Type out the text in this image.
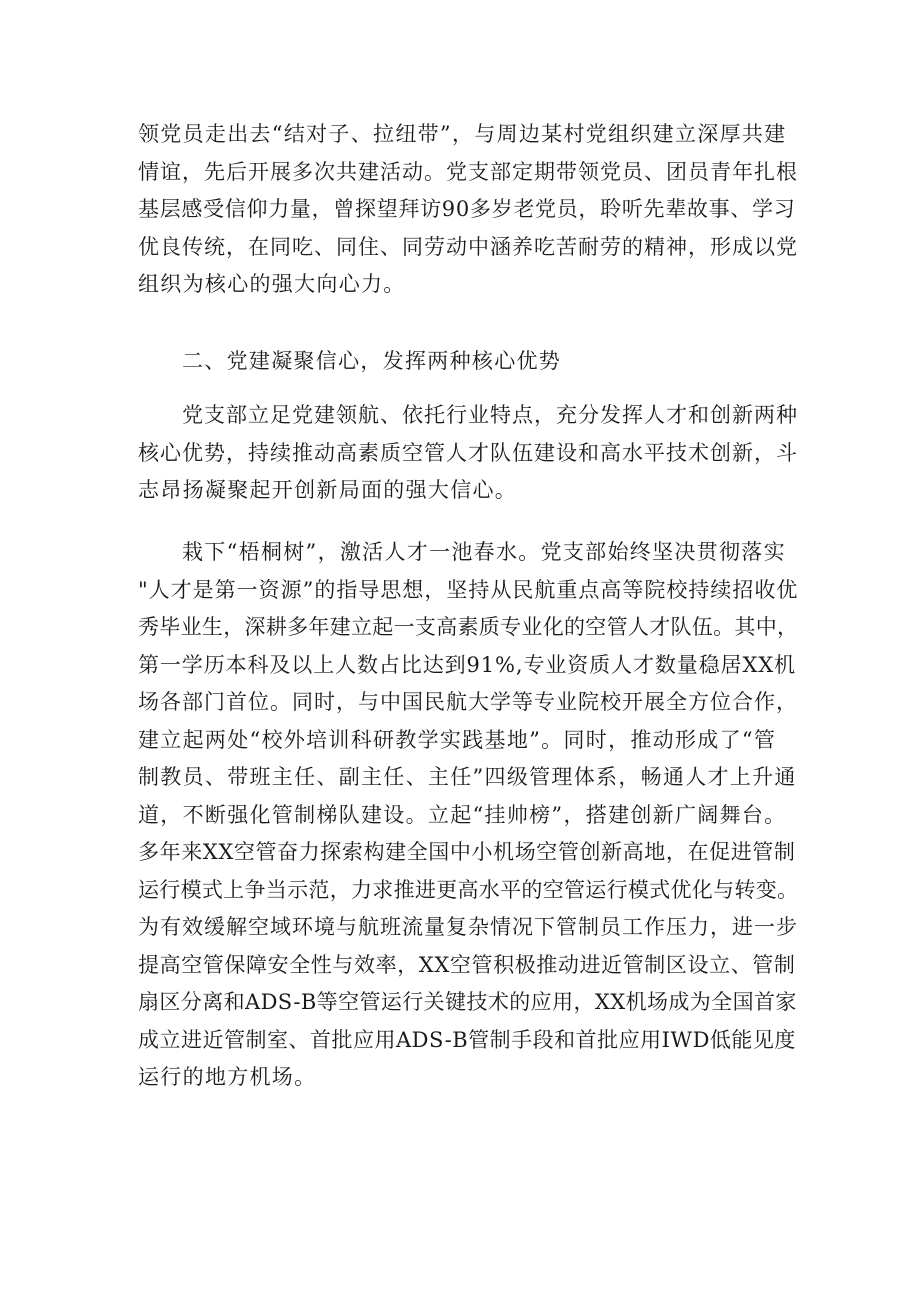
领党员走出去“结对子、拉纽带”，与周边某村党组织建立深厚共建
情谊，先后开展多次共建活动。党支部定期带领党员、团员青年扎根
基层感受信仰力量，曾探望拜访90多岁老党员，聆听先辈故事、学习
优良传统，在同吃、同住、同劳动中涵养吃苦耐劳的精神，形成以党
组织为核心的强大向心力。
二、党建凝聚信心，发挥两种核心优势
党支部立足党建领航、依托行业特点，充分发挥人才和创新两种
核心优势，持续推动高素质空管人才队伍建设和高水平技术创新，斗
志昂扬凝聚起开创新局面的强大信心。
栽下“梧桐树”，激活人才一池春水。党支部始终坚决贯彻落实
"人才是第一资源”的指导思想，坚持从民航重点高等院校持续招收优
秀毕业生，深耕多年建立起一支高素质专业化的空管人才队伍。其中，
第一学历本科及以上人数占比达到91%,专业资质人才数量稳居XX机
场各部门首位。同时，与中国民航大学等专业院校开展全方位合作，
建立起两处“校外培训科研教学实践基地”。同时，推动形成了“管
制教员、带班主任、副主任、主任”四级管理体系，畅通人才上升通
道，不断强化管制梯队建设。立起“挂帅榜”，搭建创新广阔舞台。
多年来XX空管奋力探索构建全国中小机场空管创新高地，在促进管制
运行模式上争当示范，力求推进更高水平的空管运行模式优化与转变。
为有效缓解空域环境与航班流量复杂情况下管制员工作压力，进一步
提高空管保障安全性与效率，XX空管积极推动进近管制区设立、管制
扇区分离和ADS-B等空管运行关键技术的应用，XX机场成为全国首家
成立进近管制室、首批应用ADS-B管制手段和首批应用IWD低能见度
运行的地方机场。
